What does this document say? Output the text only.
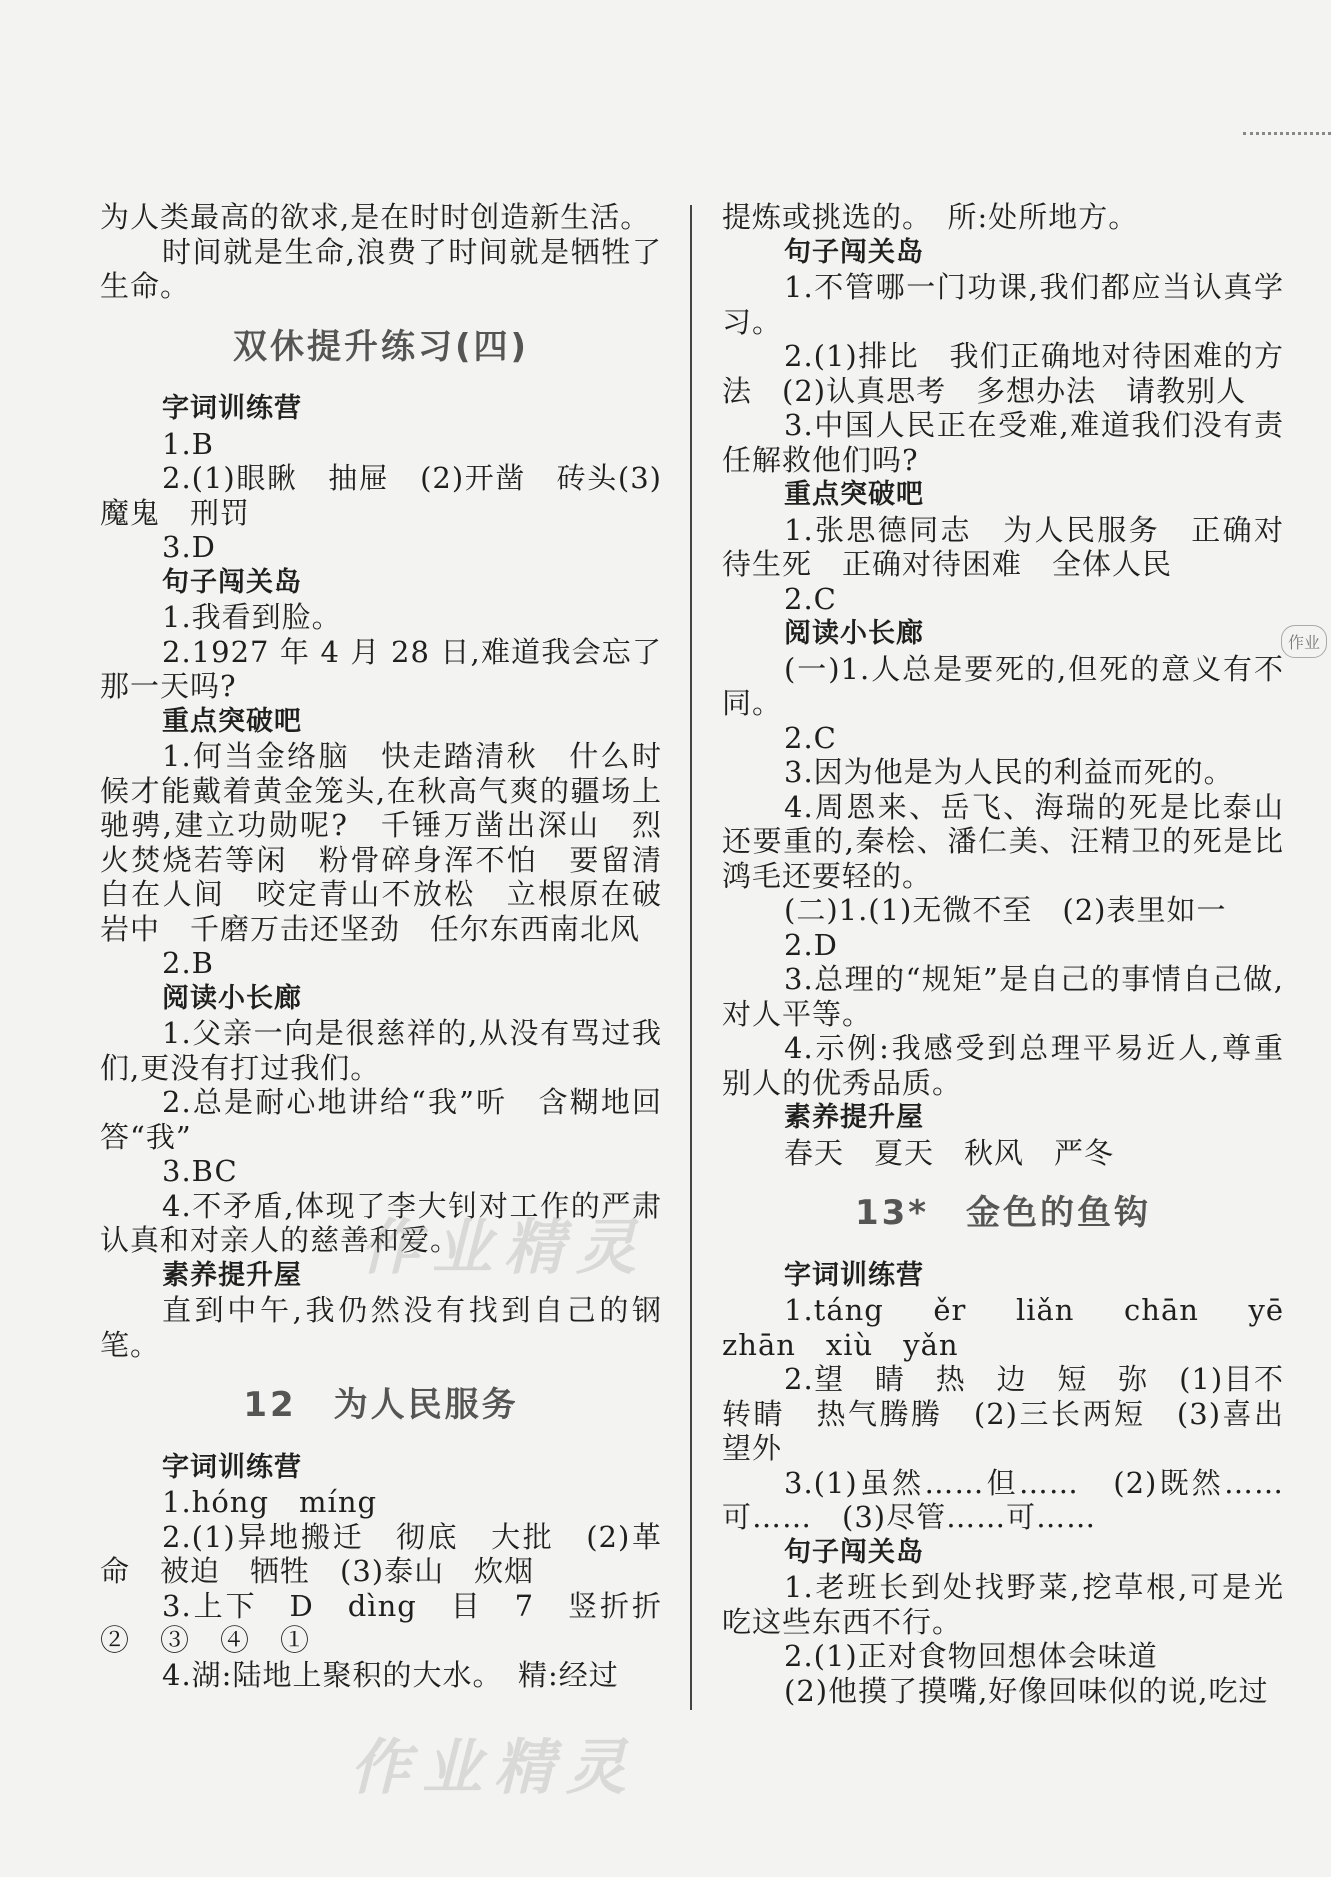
为人类最高的欲求,是在时时创造新生活。
时间就是生命,浪费了时间就是牺牲了生命。
双休提升练习(四)
字词训练营
1.B
2.(1)眼瞅　抽屉　(2)开凿　砖头(3)魔鬼　刑罚
3.D
句子闯关岛
1.我看到脸。
2.1927 年 4 月 28 日,难道我会忘了那一天吗?
重点突破吧
1.何当金络脑　快走踏清秋　什么时候才能戴着黄金笼头,在秋高气爽的疆场上驰骋,建立功勋呢?　千锤万凿出深山　烈火焚烧若等闲　粉骨碎身浑不怕　要留清白在人间　咬定青山不放松　立根原在破岩中　千磨万击还坚劲　任尔东西南北风
2.B
阅读小长廊
1.父亲一向是很慈祥的,从没有骂过我们,更没有打过我们。
2.总是耐心地讲给“我”听　含糊地回答“我”
3.BC
4.不矛盾,体现了李大钊对工作的严肃认真和对亲人的慈善和爱。
素养提升屋
直到中午,我仍然没有找到自己的钢笔。
12　为人民服务
字词训练营
1.hóng　míng
2.(1)异地搬迁　彻底　大批　(2)革命　被迫　牺牲　(3)泰山　炊烟
3.上下　D　dìng　目　7　竖折折②　③　④　①
4.湖:陆地上聚积的大水。　精:经过
提炼或挑选的。　所:处所地方。
句子闯关岛
1.不管哪一门功课,我们都应当认真学习。
2.(1)排比　我们正确地对待困难的方法　(2)认真思考　多想办法　请教别人
3.中国人民正在受难,难道我们没有责任解救他们吗?
重点突破吧
1.张思德同志　为人民服务　正确对待生死　正确对待困难　全体人民
2.C
阅读小长廊
(一)1.人总是要死的,但死的意义有不同。
2.C
3.因为他是为人民的利益而死的。
4.周恩来、岳飞、海瑞的死是比泰山还要重的,秦桧、潘仁美、汪精卫的死是比鸿毛还要轻的。
(二)1.(1)无微不至　(2)表里如一
2.D
3.总理的“规矩”是自己的事情自己做,对人平等。
4.示例:我感受到总理平易近人,尊重别人的优秀品质。
素养提升屋
春天　夏天　秋风　严冬
13*　金色的鱼钩
字词训练营
1.táng　ěr　liǎn　chān　yē　zhān　xiù　yǎn
2.望　睛　热　边　短　弥　(1)目不转睛　热气腾腾　(2)三长两短　(3)喜出望外
3.(1)虽然……但……　(2)既然……可……　(3)尽管……可……
句子闯关岛
1.老班长到处找野菜,挖草根,可是光吃这些东西不行。
2.(1)正对食物回想体会味道
(2)他摸了摸嘴,好像回味似的说,吃过
作业精灵
作业精灵
作业
